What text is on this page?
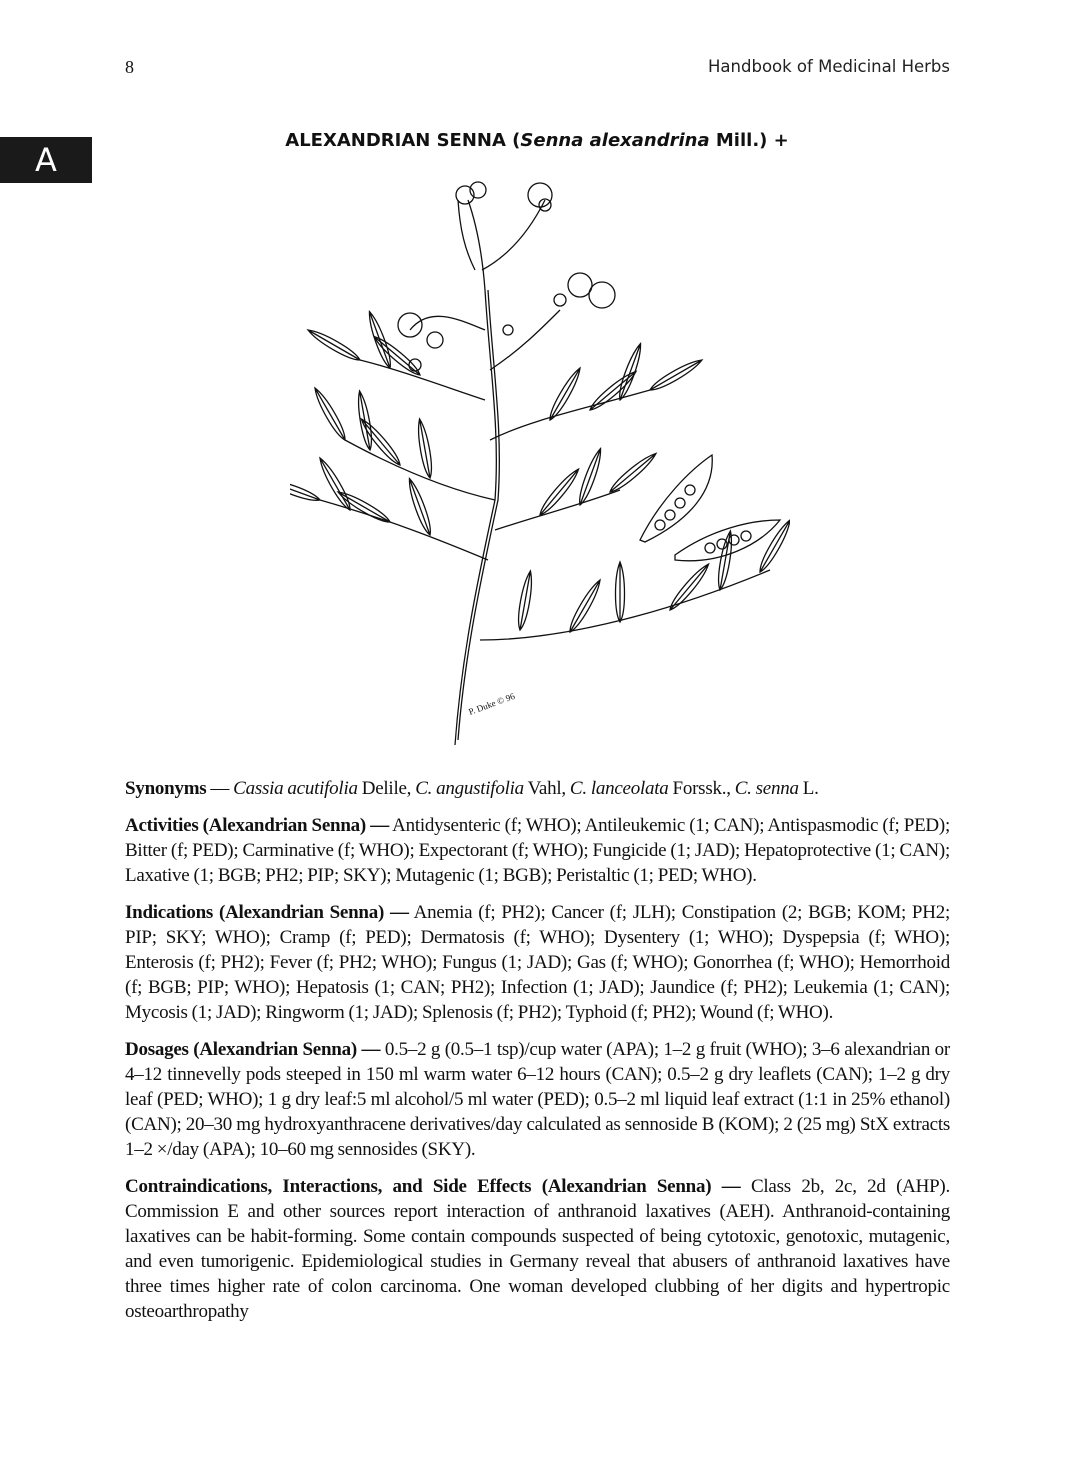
8	Handbook of Medicinal Herbs
A
ALEXANDRIAN SENNA (Senna alexandrina Mill.) +
P. Duke © 96

Synonyms — Cassia acutifolia Delile, C. angustifolia Vahl, C. lanceolata Forssk., C. senna L.

Activities (Alexandrian Senna) — Antidysenteric (f; WHO); Antileukemic (1; CAN); Antispasmodic (f; PED); Bitter (f; PED); Carminative (f; WHO); Expectorant (f; WHO); Fungicide (1; JAD); Hepatoprotective (1; CAN); Laxative (1; BGB; PH2; PIP; SKY); Mutagenic (1; BGB); Peristaltic (1; PED; WHO).

Indications (Alexandrian Senna) — Anemia (f; PH2); Cancer (f; JLH); Constipation (2; BGB; KOM; PH2; PIP; SKY; WHO); Cramp (f; PED); Dermatosis (f; WHO); Dysentery (1; WHO); Dyspepsia (f; WHO); Enterosis (f; PH2); Fever (f; PH2; WHO); Fungus (1; JAD); Gas (f; WHO); Gonorrhea (f; WHO); Hemorrhoid (f; BGB; PIP; WHO); Hepatosis (1; CAN; PH2); Infection (1; JAD); Jaundice (f; PH2); Leukemia (1; CAN); Mycosis (1; JAD); Ringworm (1; JAD); Splenosis (f; PH2); Typhoid (f; PH2); Wound (f; WHO).

Dosages (Alexandrian Senna) — 0.5–2 g (0.5–1 tsp)/cup water (APA); 1–2 g fruit (WHO); 3–6 alexandrian or 4–12 tinnevelly pods steeped in 150 ml warm water 6–12 hours (CAN); 0.5–2 g dry leaflets (CAN); 1–2 g dry leaf (PED; WHO); 1 g dry leaf:5 ml alcohol/5 ml water (PED); 0.5–2 ml liquid leaf extract (1:1 in 25% ethanol) (CAN); 20–30 mg hydroxyanthracene derivatives/day calculated as sennoside B (KOM); 2 (25 mg) StX extracts 1–2 ×/day (APA); 10–60 mg sennosides (SKY).

Contraindications, Interactions, and Side Effects (Alexandrian Senna) — Class 2b, 2c, 2d (AHP). Commission E and other sources report interaction of anthranoid laxatives (AEH). Anthranoid-containing laxatives can be habit-forming. Some contain compounds suspected of being cytotoxic, genotoxic, mutagenic, and even tumorigenic. Epidemiological studies in Germany reveal that abusers of anthranoid laxatives have three times higher rate of colon carcinoma. One woman developed clubbing of her digits and hypertropic osteoarthropathy
